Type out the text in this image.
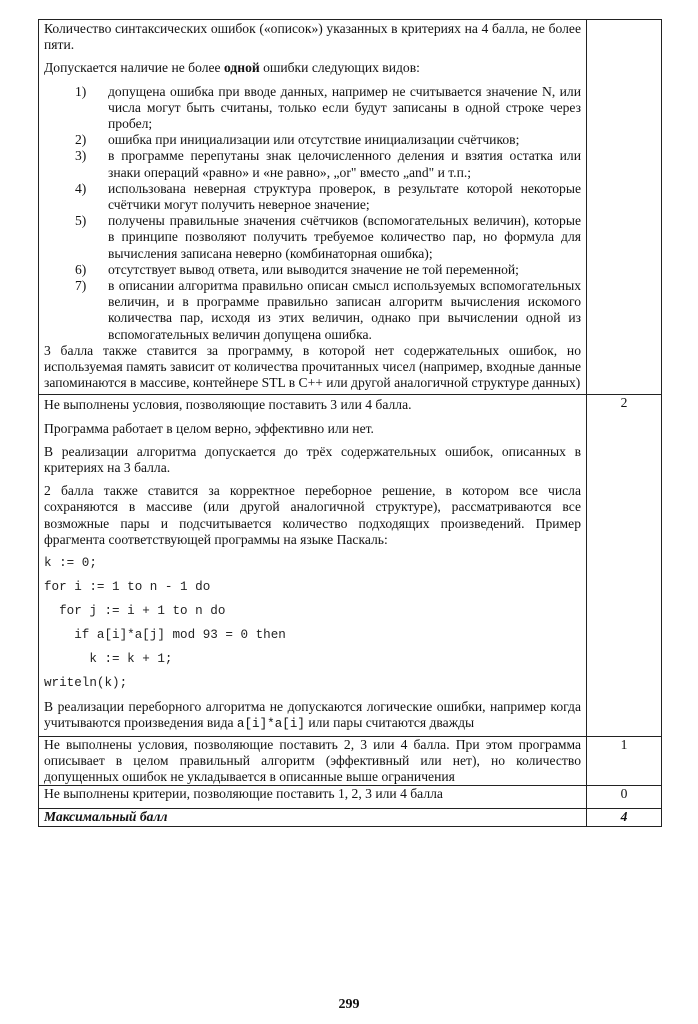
Количество синтаксических ошибок («описок») указанных в критериях на 4 балла, не более пяти.

Допускается наличие не более одной ошибки следующих видов:

1) допущена ошибка при вводе данных, например не считывается значение N, или числа могут быть считаны, только если будут записаны в одной строке через пробел;
2) ошибка при инициализации или отсутствие инициализации счётчиков;
3) в программе перепутаны знак целочисленного деления и взятия остатка или знаки операций «равно» и «не равно», „or" вместо „and" и т.п.;
4) использована неверная структура проверок, в результате которой некоторые счётчики могут получить неверное значение;
5) получены правильные значения счётчиков (вспомогательных величин), которые в принципе позволяют получить требуемое количество пар, но формула для вычисления записана неверно (комбинаторная ошибка);
6) отсутствует вывод ответа, или выводится значение не той переменной;
7) в описании алгоритма правильно описан смысл используемых вспомогательных величин, и в программе правильно записан алгоритм вычисления искомого количества пар, исходя из этих величин, однако при вычислении одной из вспомогательных величин допущена ошибка.

3 балла также ставится за программу, в которой нет содержательных ошибок, но используемая память зависит от количества прочитанных чисел (например, входные данные запоминаются в массиве, контейнере STL в C++ или другой аналогичной структуре данных)

Не выполнены условия, позволяющие поставить 3 или 4 балла.

Программа работает в целом верно, эффективно или нет.

В реализации алгоритма допускается до трёх содержательных ошибок, описанных в критериях на 3 балла.

2 балла также ставится за корректное переборное решение, в котором все числа сохраняются в массиве (или другой аналогичной структуре), рассматриваются все возможные пары и подсчитывается количество подходящих произведений. Пример фрагмента соответствующей программы на языке Паскаль:

k := 0;
for i := 1 to n - 1 do
for j := i + 1 to n do
if a[i]*a[j] mod 93 = 0 then
k := k + 1;
writeln(k);

В реализации переборного алгоритма не допускаются логические ошибки, например когда учитываются произведения вида a[i]*a[i] или пары считаются дважды

	2
Не выполнены условия, позволяющие поставить 2, 3 или 4 балла. При этом программа описывает в целом правильный алгоритм (эффективный или нет), но количество допущенных ошибок не укладывается в описанные выше ограничения	1
Не выполнены критерии, позволяющие поставить 1, 2, 3 или 4 балла	0
Максимальный балл	4
299
